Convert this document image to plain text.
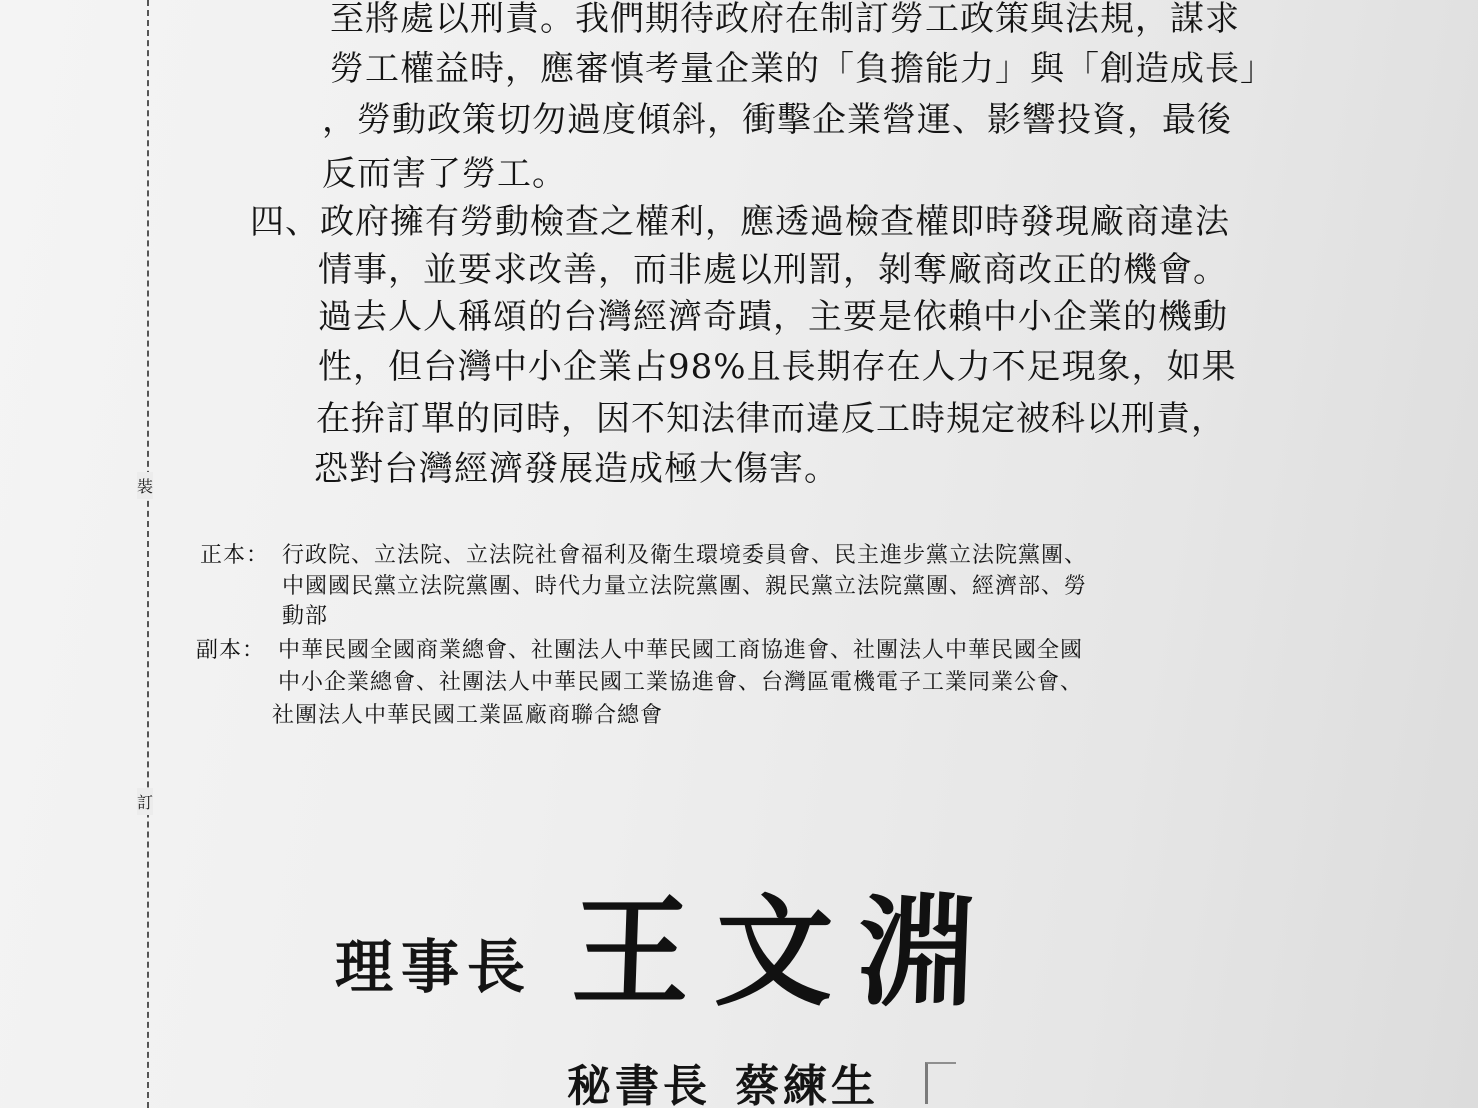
裝
訂
至將處以刑責。我們期待政府在制訂勞工政策與法規，謀求
勞工權益時，應審慎考量企業的「負擔能力」與「創造成長」
，勞動政策切勿過度傾斜，衝擊企業營運、影響投資，最後
反而害了勞工。
四、政府擁有勞動檢查之權利，應透過檢查權即時發現廠商違法
情事，並要求改善，而非處以刑罰，剝奪廠商改正的機會。
過去人人稱頌的台灣經濟奇蹟，主要是依賴中小企業的機動
性，但台灣中小企業占98%且長期存在人力不足現象，如果
在拚訂單的同時，因不知法律而違反工時規定被科以刑責，
恐對台灣經濟發展造成極大傷害。
正本： 行政院、立法院、立法院社會福利及衛生環境委員會、民主進步黨立法院黨團、
中國國民黨立法院黨團、時代力量立法院黨團、親民黨立法院黨團、經濟部、勞
動部
副本： 中華民國全國商業總會、社團法人中華民國工商協進會、社團法人中華民國全國
中小企業總會、社團法人中華民國工業協進會、台灣區電機電子工業同業公會、
社團法人中華民國工業區廠商聯合總會
理事長 王文淵
秘書長 蔡練生
